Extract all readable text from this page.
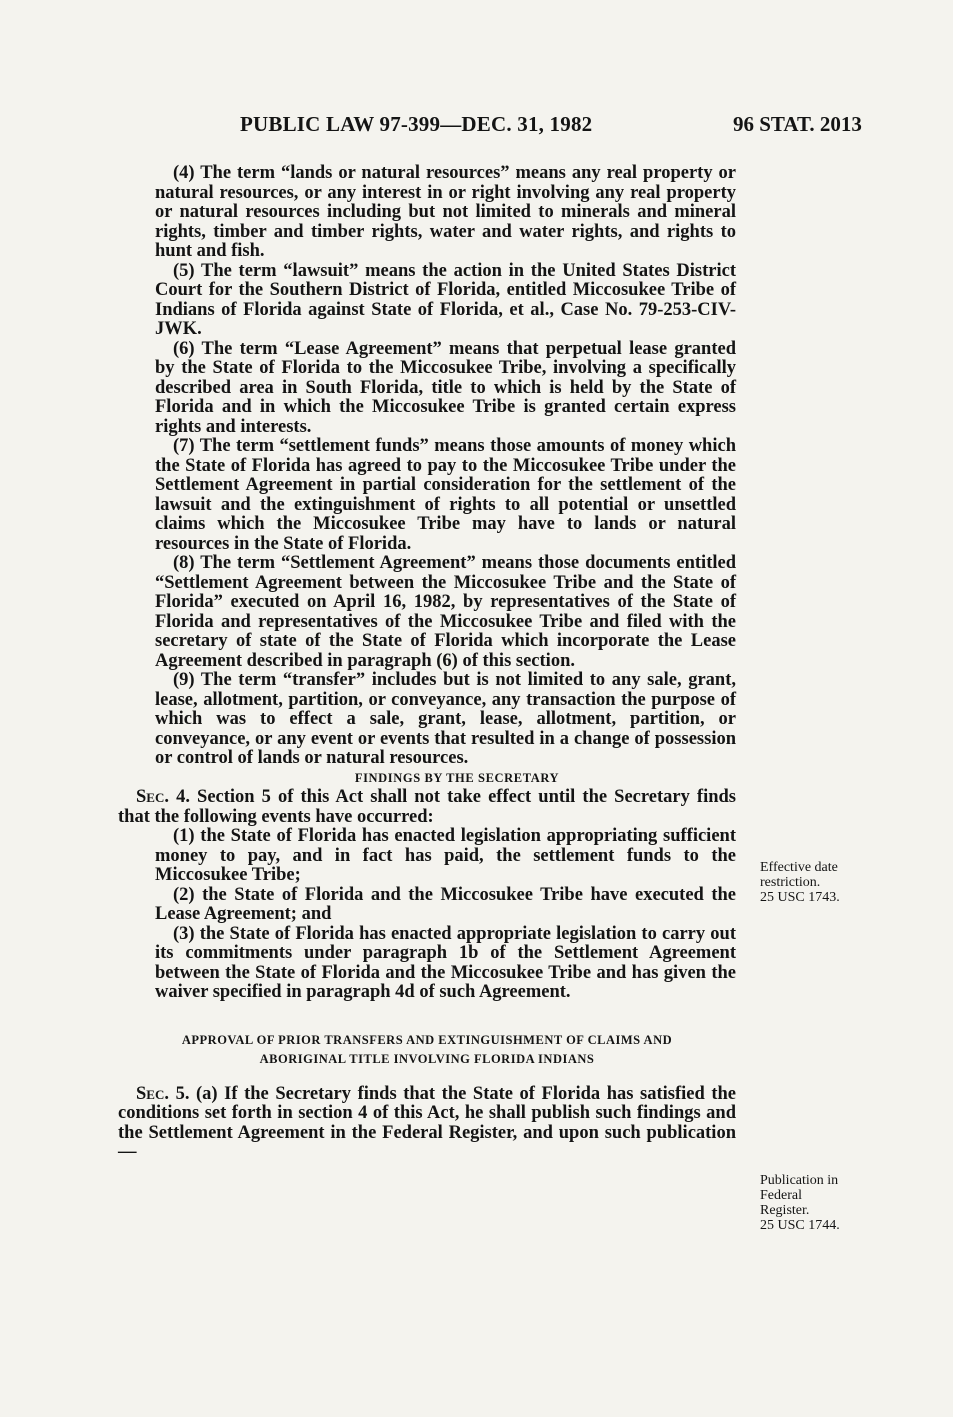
PUBLIC LAW 97-399—DEC. 31, 1982	96 STAT. 2013

(4) The term “lands or natural resources” means any real property or natural resources, or any interest in or right involving any real property or natural resources including but not limited to minerals and mineral rights, timber and timber rights, water and water rights, and rights to hunt and fish.

(5) The term “lawsuit” means the action in the United States District Court for the Southern District of Florida, entitled Miccosukee Tribe of Indians of Florida against State of Florida, et al., Case No. 79-253-CIV-JWK.

(6) The term “Lease Agreement” means that perpetual lease granted by the State of Florida to the Miccosukee Tribe, involving a specifically described area in South Florida, title to which is held by the State of Florida and in which the Miccosukee Tribe is granted certain express rights and interests.

(7) The term “settlement funds” means those amounts of money which the State of Florida has agreed to pay to the Miccosukee Tribe under the Settlement Agreement in partial consideration for the settlement of the lawsuit and the extinguishment of rights to all potential or unsettled claims which the Miccosukee Tribe may have to lands or natural resources in the State of Florida.

(8) The term “Settlement Agreement” means those documents entitled “Settlement Agreement between the Miccosukee Tribe and the State of Florida” executed on April 16, 1982, by representatives of the State of Florida and representatives of the Miccosukee Tribe and filed with the secretary of state of the State of Florida which incorporate the Lease Agreement described in paragraph (6) of this section.

(9) The term “transfer” includes but is not limited to any sale, grant, lease, allotment, partition, or conveyance, any transaction the purpose of which was to effect a sale, grant, lease, allotment, partition, or conveyance, or any event or events that resulted in a change of possession or control of lands or natural resources.

FINDINGS BY THE SECRETARY

Sec. 4. Section 5 of this Act shall not take effect until the Secretary finds that the following events have occurred:

(1) the State of Florida has enacted legislation appropriating sufficient money to pay, and in fact has paid, the settlement funds to the Miccosukee Tribe;

(2) the State of Florida and the Miccosukee Tribe have executed the Lease Agreement; and

(3) the State of Florida has enacted appropriate legislation to carry out its commitments under paragraph 1b of the Settlement Agreement between the State of Florida and the Miccosukee Tribe and has given the waiver specified in paragraph 4d of such Agreement.

APPROVAL OF PRIOR TRANSFERS AND EXTINGUISHMENT OF CLAIMS AND
ABORIGINAL TITLE INVOLVING FLORIDA INDIANS

Sec. 5. (a) If the Secretary finds that the State of Florida has satisfied the conditions set forth in section 4 of this Act, he shall publish such findings and the Settlement Agreement in the Federal Register, and upon such publication—

Effective date
restriction.
25 USC 1743.
Publication in
Federal
Register.
25 USC 1744.
